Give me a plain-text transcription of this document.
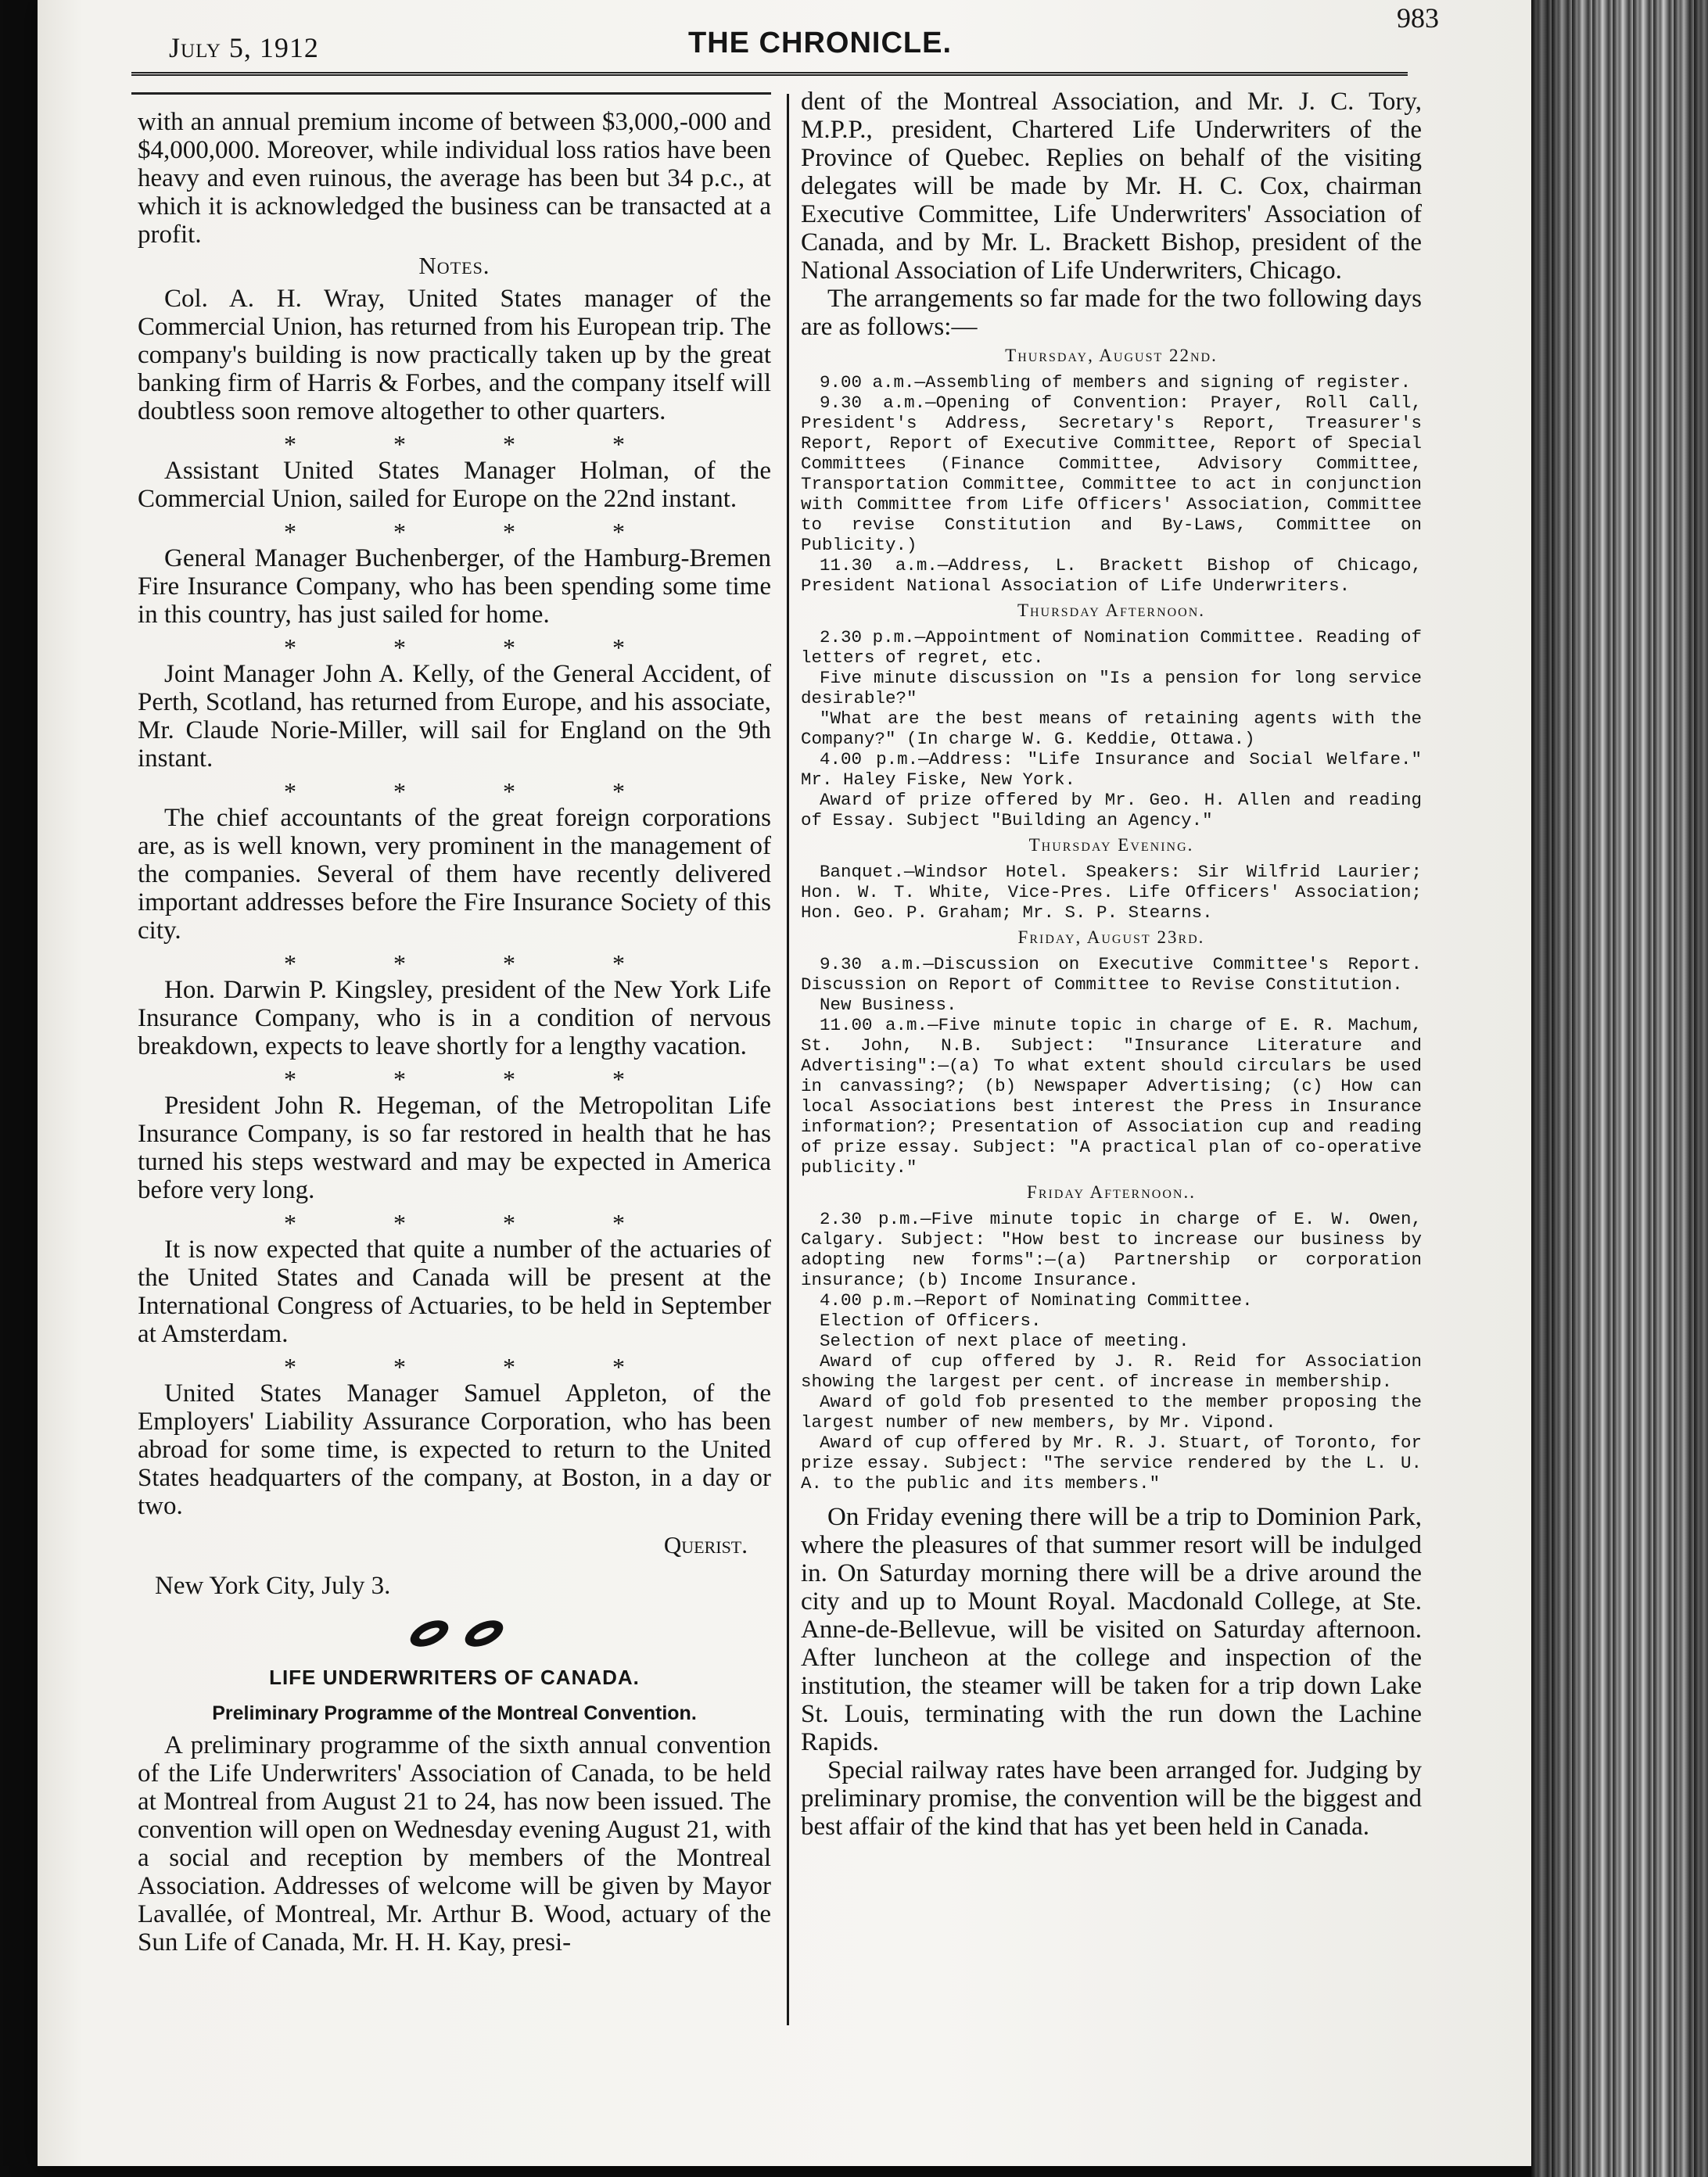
July 5, 1912	THE CHRONICLE.
983

with an annual premium income of between $3,000,-000 and $4,000,000. Moreover, while individual loss ratios have been heavy and even ruinous, the average has been but 34 p.c., at which it is acknowledged the business can be transacted at a profit.

Notes.

Col. A. H. Wray, United States manager of the Commercial Union, has returned from his European trip. The company's building is now practically taken up by the great banking firm of Harris & Forbes, and the company itself will doubtless soon remove altogether to other quarters.

* * * *

Assistant United States Manager Holman, of the Commercial Union, sailed for Europe on the 22nd instant.

* * * *

General Manager Buchenberger, of the Hamburg-Bremen Fire Insurance Company, who has been spending some time in this country, has just sailed for home.

* * * *

Joint Manager John A. Kelly, of the General Accident, of Perth, Scotland, has returned from Europe, and his associate, Mr. Claude Norie-Miller, will sail for England on the 9th instant.

* * * *

The chief accountants of the great foreign corporations are, as is well known, very prominent in the management of the companies. Several of them have recently delivered important addresses before the Fire Insurance Society of this city.

* * * *

Hon. Darwin P. Kingsley, president of the New York Life Insurance Company, who is in a condition of nervous breakdown, expects to leave shortly for a lengthy vacation.

* * * *

President John R. Hegeman, of the Metropolitan Life Insurance Company, is so far restored in health that he has turned his steps westward and may be expected in America before very long.

* * * *

It is now expected that quite a number of the actuaries of the United States and Canada will be present at the International Congress of Actuaries, to be held in September at Amsterdam.

* * * *

United States Manager Samuel Appleton, of the Employers' Liability Assurance Corporation, who has been abroad for some time, is expected to return to the United States headquarters of the company, at Boston, in a day or two.

Querist.
New York City, July 3.
LIFE UNDERWRITERS OF CANADA.
Preliminary Programme of the Montreal Convention.

A preliminary programme of the sixth annual convention of the Life Underwriters' Association of Canada, to be held at Montreal from August 21 to 24, has now been issued. The convention will open on Wednesday evening August 21, with a social and reception by members of the Montreal Association. Addresses of welcome will be given by Mayor Lavallée, of Montreal, Mr. Arthur B. Wood, actuary of the Sun Life of Canada, Mr. H. H. Kay, presi-

dent of the Montreal Association, and Mr. J. C. Tory, M.P.P., president, Chartered Life Underwriters of the Province of Quebec. Replies on behalf of the visiting delegates will be made by Mr. H. C. Cox, chairman Executive Committee, Life Underwriters' Association of Canada, and by Mr. L. Brackett Bishop, president of the National Association of Life Underwriters, Chicago.

The arrangements so far made for the two following days are as follows:—

Thursday, August 22nd.

9.00 a.m.—Assembling of members and signing of register.

9.30 a.m.—Opening of Convention: Prayer, Roll Call, President's Address, Secretary's Report, Treasurer's Report, Report of Executive Committee, Report of Special Committees (Finance Committee, Advisory Committee, Transportation Committee, Committee to act in conjunction with Committee from Life Officers' Association, Committee to revise Constitution and By-Laws, Committee on Publicity.)

11.30 a.m.—Address, L. Brackett Bishop of Chicago, President National Association of Life Underwriters.

Thursday Afternoon.

2.30 p.m.—Appointment of Nomination Committee. Reading of letters of regret, etc.

Five minute discussion on "Is a pension for long service desirable?"

"What are the best means of retaining agents with the Company?" (In charge W. G. Keddie, Ottawa.)

4.00 p.m.—Address: "Life Insurance and Social Welfare." Mr. Haley Fiske, New York.

Award of prize offered by Mr. Geo. H. Allen and reading of Essay. Subject "Building an Agency."

Thursday Evening.

Banquet.—Windsor Hotel. Speakers: Sir Wilfrid Laurier; Hon. W. T. White, Vice-Pres. Life Officers' Association; Hon. Geo. P. Graham; Mr. S. P. Stearns.

Friday, August 23rd.

9.30 a.m.—Discussion on Executive Committee's Report. Discussion on Report of Committee to Revise Constitution.

New Business.

11.00 a.m.—Five minute topic in charge of E. R. Machum, St. John, N.B. Subject: "Insurance Literature and Advertising":—(a) To what extent should circulars be used in canvassing?; (b) Newspaper Advertising; (c) How can local Associations best interest the Press in Insurance information?; Presentation of Association cup and reading of prize essay. Subject: "A practical plan of co-operative publicity."

Friday Afternoon..

2.30 p.m.—Five minute topic in charge of E. W. Owen, Calgary. Subject: "How best to increase our business by adopting new forms":—(a) Partnership or corporation insurance; (b) Income Insurance.

4.00 p.m.—Report of Nominating Committee.

Election of Officers.

Selection of next place of meeting.

Award of cup offered by J. R. Reid for Association showing the largest per cent. of increase in membership.

Award of gold fob presented to the member proposing the largest number of new members, by Mr. Vipond.

Award of cup offered by Mr. R. J. Stuart, of Toronto, for prize essay. Subject: "The service rendered by the L. U. A. to the public and its members."

On Friday evening there will be a trip to Dominion Park, where the pleasures of that summer resort will be indulged in. On Saturday morning there will be a drive around the city and up to Mount Royal. Macdonald College, at Ste. Anne-de-Bellevue, will be visited on Saturday afternoon. After luncheon at the college and inspection of the institution, the steamer will be taken for a trip down Lake St. Louis, terminating with the run down the Lachine Rapids.

Special railway rates have been arranged for. Judging by preliminary promise, the convention will be the biggest and best affair of the kind that has yet been held in Canada.
